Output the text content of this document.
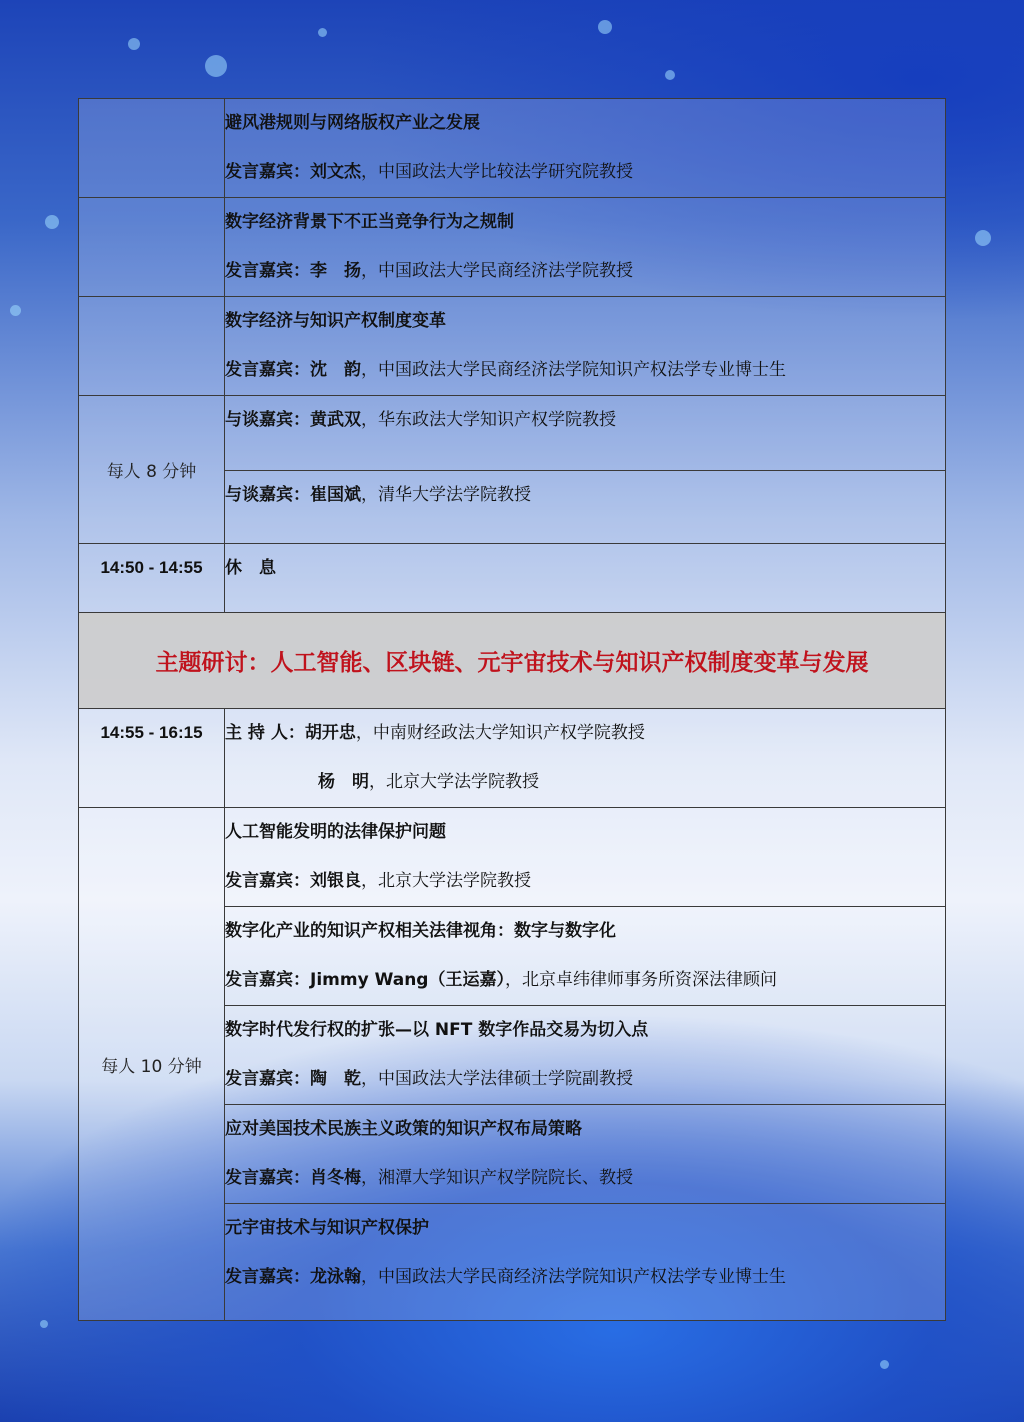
	避风港规则与网络版权产业之发展
发言嘉宾：刘文杰，中国政法大学比较法学研究院教授

	数字经济背景下不正当竞争行为之规制
发言嘉宾：李　扬，中国政法大学民商经济法学院教授

	数字经济与知识产权制度变革
发言嘉宾：沈　韵，中国政法大学民商经济法学院知识产权法学专业博士生

每人 8 分钟	与谈嘉宾：黄武双，华东政法大学知识产权学院教授

	与谈嘉宾：崔国斌，清华大学法学院教授

14:50 - 14:55	休　息

主题研讨：人工智能、区块链、元宇宙技术与知识产权制度变革与发展	

14:55 - 16:15	主 持 人：胡开忠，中南财经政法大学知识产权学院教授
杨　明，北京大学法学院教授

每人 10 分钟	人工智能发明的法律保护问题
发言嘉宾：刘银良，北京大学法学院教授

	数字化产业的知识产权相关法律视角：数字与数字化
发言嘉宾：Jimmy Wang（王运嘉），北京卓纬律师事务所资深法律顾问

	数字时代发行权的扩张—以 NFT 数字作品交易为切入点
发言嘉宾：陶　乾，中国政法大学法律硕士学院副教授

	应对美国技术民族主义政策的知识产权布局策略
发言嘉宾：肖冬梅，湘潭大学知识产权学院院长、教授

	元宇宙技术与知识产权保护
发言嘉宾：龙泳翰，中国政法大学民商经济法学院知识产权法学专业博士生
